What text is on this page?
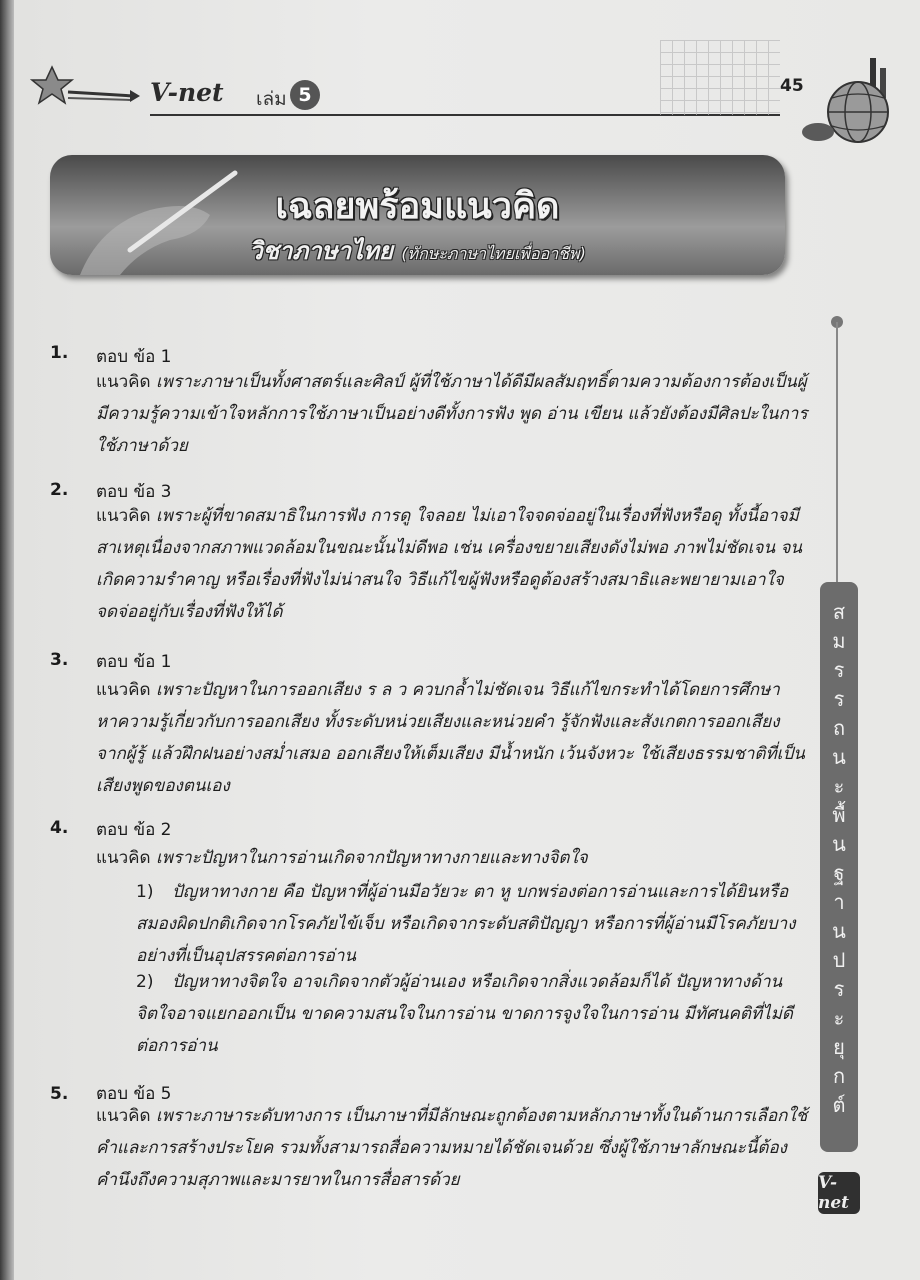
V-net เล่ม 5	45
เฉลยพร้อมแนวคิด
วิชาภาษาไทย (ทักษะภาษาไทยเพื่ออาชีพ)
ส
ม
ร
ร
ถ
น
ะ
พื้
น
ฐ
า
น
ป
ร
ะ
ยุ
ก
ต์
V-net
1. ตอบ ข้อ 1
แนวคิด เพราะภาษาเป็นทั้งศาสตร์และศิลป์ ผู้ที่ใช้ภาษาได้ดีมีผลสัมฤทธิ์ตามความต้องการต้องเป็นผู้มีความรู้ความเข้าใจหลักการใช้ภาษาเป็นอย่างดีทั้งการฟัง พูด อ่าน เขียน แล้วยังต้องมีศิลปะในการใช้ภาษาด้วย
2. ตอบ ข้อ 3
แนวคิด เพราะผู้ที่ขาดสมาธิในการฟัง การดู ใจลอย ไม่เอาใจจดจ่ออยู่ในเรื่องที่ฟังหรือดู ทั้งนี้อาจมีสาเหตุเนื่องจากสภาพแวดล้อมในขณะนั้นไม่ดีพอ เช่น เครื่องขยายเสียงดังไม่พอ ภาพไม่ชัดเจน จนเกิดความรำคาญ หรือเรื่องที่ฟังไม่น่าสนใจ วิธีแก้ไขผู้ฟังหรือดูต้องสร้างสมาธิและพยายามเอาใจจดจ่ออยู่กับเรื่องที่ฟังให้ได้
3. ตอบ ข้อ 1
แนวคิด เพราะปัญหาในการออกเสียง ร ล ว ควบกล้ำไม่ชัดเจน วิธีแก้ไขกระทำได้โดยการศึกษาหาความรู้เกี่ยวกับการออกเสียง ทั้งระดับหน่วยเสียงและหน่วยคำ รู้จักฟังและสังเกตการออกเสียงจากผู้รู้ แล้วฝึกฝนอย่างสม่ำเสมอ ออกเสียงให้เต็มเสียง มีน้ำหนัก เว้นจังหวะ ใช้เสียงธรรมชาติที่เป็นเสียงพูดของตนเอง
4. ตอบ ข้อ 2
แนวคิด เพราะปัญหาในการอ่านเกิดจากปัญหาทางกายและทางจิตใจ
1) ปัญหาทางกาย คือ ปัญหาที่ผู้อ่านมีอวัยวะ ตา หู บกพร่องต่อการอ่านและการได้ยินหรือสมองผิดปกติเกิดจากโรคภัยไข้เจ็บ หรือเกิดจากระดับสติปัญญา หรือการที่ผู้อ่านมีโรคภัยบางอย่างที่เป็นอุปสรรคต่อการอ่าน
2) ปัญหาทางจิตใจ อาจเกิดจากตัวผู้อ่านเอง หรือเกิดจากสิ่งแวดล้อมก็ได้ ปัญหาทางด้านจิตใจอาจแยกออกเป็น ขาดความสนใจในการอ่าน ขาดการจูงใจในการอ่าน มีทัศนคติที่ไม่ดีต่อการอ่าน
5. ตอบ ข้อ 5
แนวคิด เพราะภาษาระดับทางการ เป็นภาษาที่มีลักษณะถูกต้องตามหลักภาษาทั้งในด้านการเลือกใช้คำและการสร้างประโยค รวมทั้งสามารถสื่อความหมายได้ชัดเจนด้วย ซึ่งผู้ใช้ภาษาลักษณะนี้ต้องคำนึงถึงความสุภาพและมารยาทในการสื่อสารด้วย
